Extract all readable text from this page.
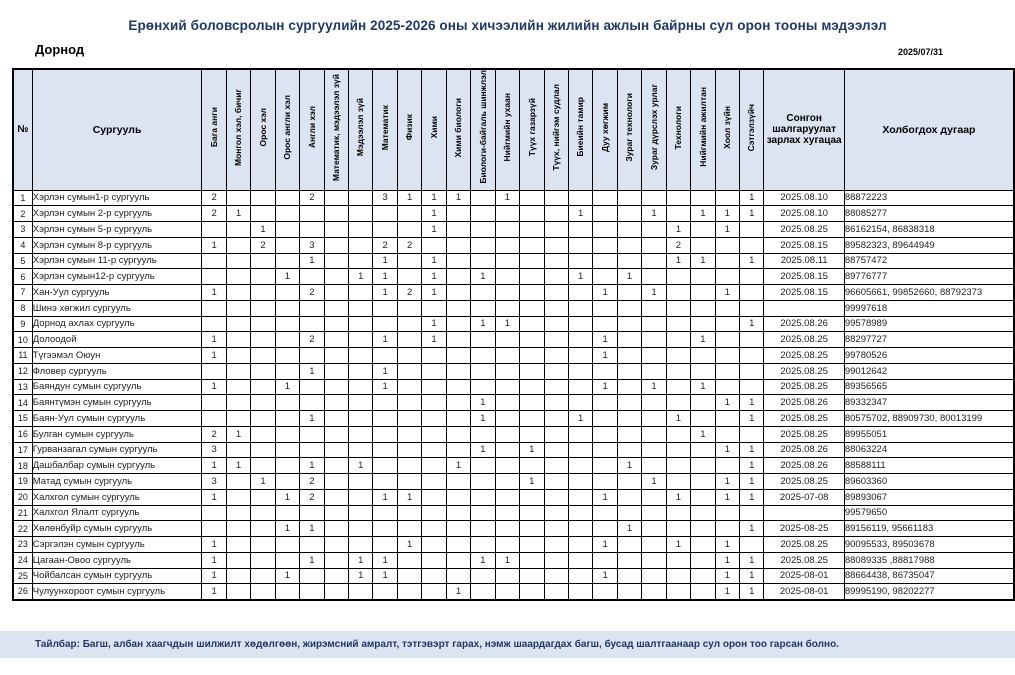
Ерөнхий боловсролын сургуулийн 2025-2026 оны хичээлийн жилийн ажлын байрны сул орон тооны мэдээлэл
Дорнод	2025/07/31
№	Сургууль	Бага анги	Монгол хэл, бичиг	Орос хэл	Орос англи хэл	Англи хэл	Математик, мэдээлэл зүй	Мэдээлэл зүй	Математик	Физик	Хими	Хими биологи	Биологи-байгаль шинжлэл	Нийгмийн ухаан	Түүх газарзүй	Түүх, нийгэм судлал	Биеийн тамир	Дуу хөгжим	Зураг технологи	Зураг дүрслэх урлаг	Технологи	Нийгмийн ажилтан	Хоол зүйн	Сэтгэлзүйч	Сонгон шалгаруулат зарлах хугацаа	Холбогдох дугаар
1	Хэрлэн сумын1-р сургууль	2				2			3	1	1	1		1										1	2025.08.10	88872223
2	Хэрлэн сумын 2-р сургууль	2	1								1						1			1		1	1	1	2025.08.10	88085277
3	Хэрлэн сумын 5-р сургууль			1							1										1		1		2025.08.25	86162154, 86838318
4	Хэрлэн сумын 8-р сургууль	1		2		3			2	2											2				2025.08.15	89582323, 89644949
5	Хэрлэн сумын 11-р сургууль					1			1		1										1	1		1	2025.08.11	88757472
6	Хэрлэн сумын12-р сургууль				1			1	1		1		1				1		1						2025.08.15	89776777
7	Хан-Уул сургууль	1				2			1	2	1							1		1			1		2025.08.15	96605661, 99852660, 88792373
8	Шинэ хөгжил сургууль																									99997618
9	Дорнод ахлах сургууль										1		1	1										1	2025.08.26	99578989
10	Долоодой	1				2			1		1							1				1			2025.08.25	88297727
11	Түгээмэл Оюун	1																1							2025.08.25	99780526
12	Фловер сургууль					1			1																2025.08.25	99012642
13	Баяндун сумын сургууль	1			1				1									1		1		1			2025.08.25	89356565
14	Баянтүмэн сумын сургууль												1										1	1	2025.08.26	89332347
15	Баян-Уул сумын сургууль					1							1				1				1			1	2025.08.25	80575702, 88909730, 80013199
16	Булган сумын сургууль	2	1																			1			2025.08.25	89955051
17	Гурванзагал сумын сургууль	3											1		1								1	1	2025.08.26	88063224
18	Дашбалбар сумын сургууль	1	1			1		1				1							1					1	2025.08.26	88588111
19	Матад сумын сургууль	3		1		2									1					1			1	1	2025.08.25	89603360
20	Халхгол сумын сургууль	1			1	2			1	1								1			1		1	1	2025-07-08	89893067
21	Халхгол Ялалт сургууль																									99579650
22	Хөлөнбуйр сумын сургууль				1	1													1					1	2025-08-25	89156119, 95661183
23	Сэргэлэн сумын сургууль	1								1								1			1		1		2025.08.25	90095533, 89503678
24	Цагаан-Овоо сургууль	1				1		1	1				1	1									1	1	2025.08.25	88089335 ,88817988
25	Чойбалсан сумын сургууль	1			1			1	1									1					1	1	2025-08-01	88664438, 86735047
26	Чулуунхороот сумын сургууль	1										1											1	1	2025-08-01	89995190, 98202277
Тайлбар: Багш, албан хаагчдын шилжилт хөдөлгөөн, жирэмсний амралт, тэтгэвэрт гарах, нэмж шаардагдах багш, бусад шалтгаанаар сул орон тоо гарсан болно.
